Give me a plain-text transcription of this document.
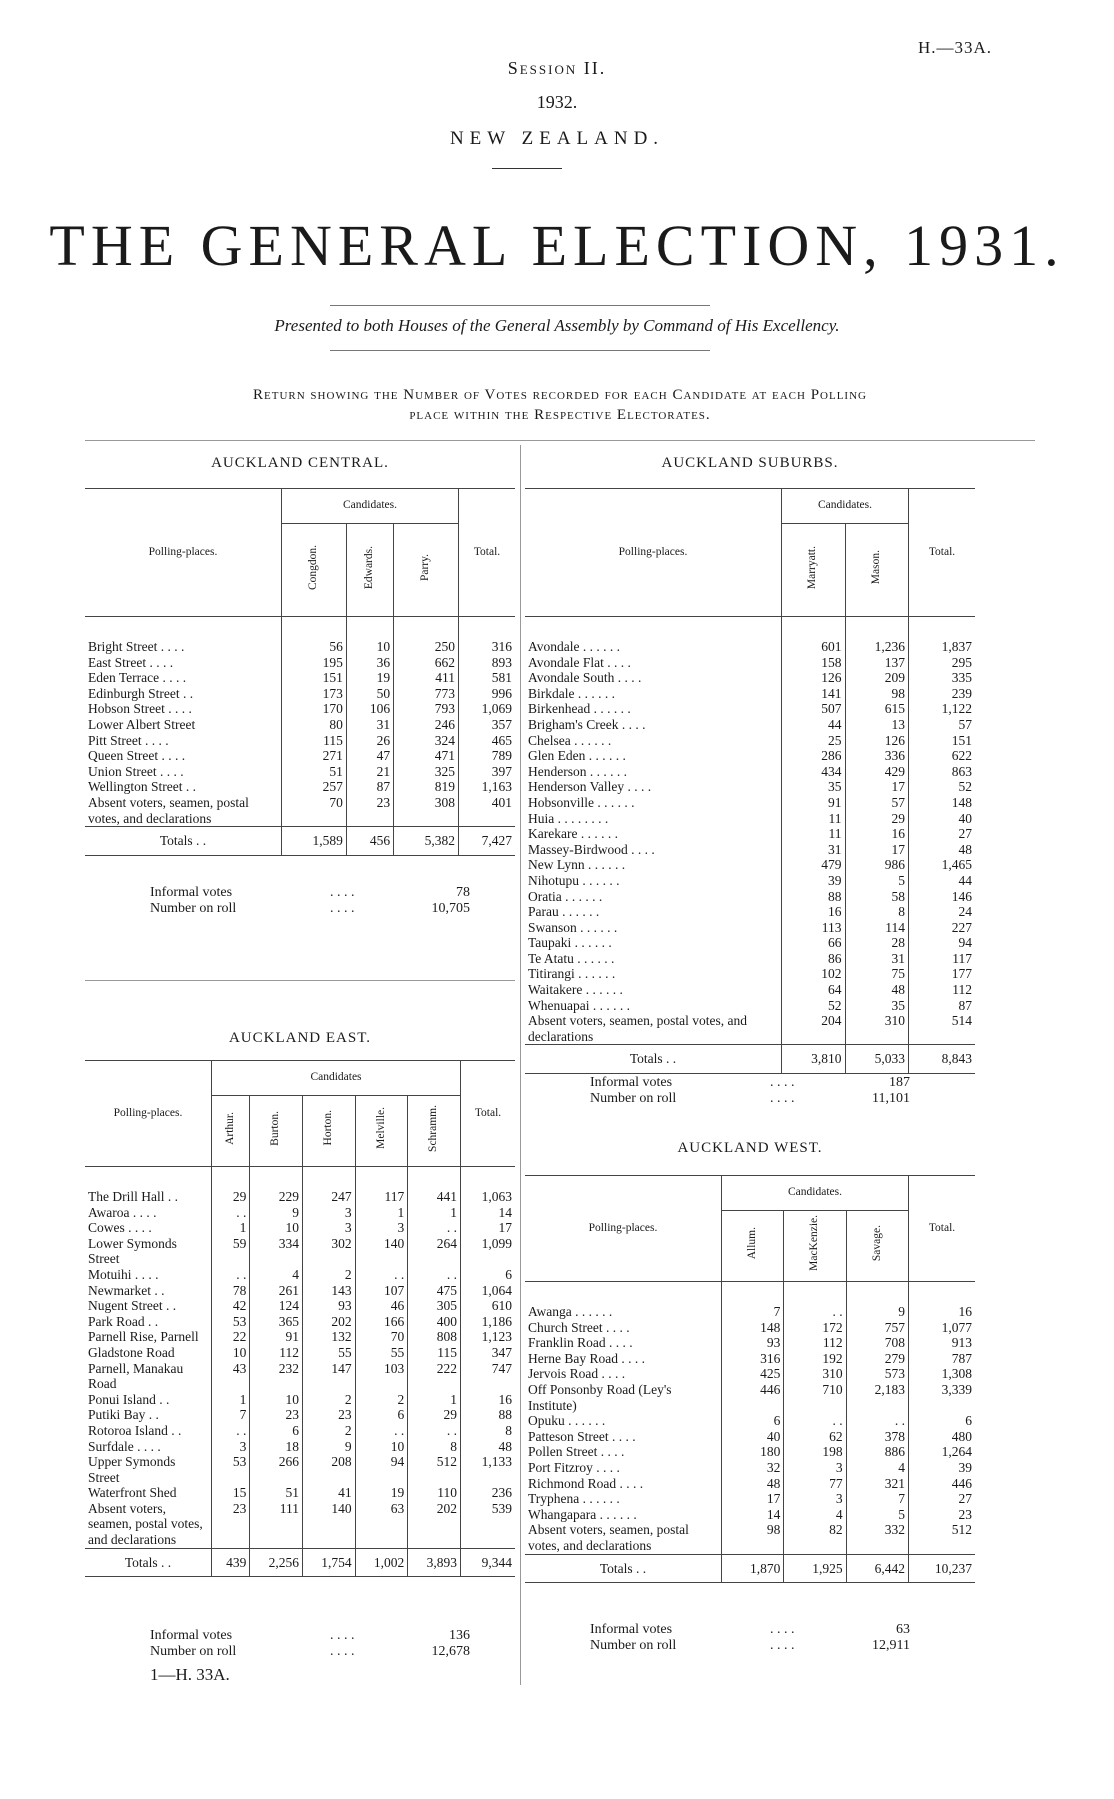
H.—33A.
Session II.
1932.
NEW ZEALAND.
THE GENERAL ELECTION, 1931.
Presented to both Houses of the General Assembly by Command of His Excellency.
Return showing the Number of Votes recorded for each Candidate at each Polling
place within the Respective Electorates.
AUCKLAND CENTRAL.
Polling-places.	Candidates.			Total.
	Congdon.	Edwards.	Parry.	
Bright Street . . . .	56	10	250	316
East Street . . . .	195	36	662	893
Eden Terrace . . . .	151	19	411	581
Edinburgh Street . .	173	50	773	996
Hobson Street . . . .	170	106	793	1,069
Lower Albert Street	80	31	246	357
Pitt Street . . . .	115	26	324	465
Queen Street . . . .	271	47	471	789
Union Street . . . .	51	21	325	397
Wellington Street . .	257	87	819	1,163
Absent voters, seamen, postal votes, and declarations	70	23	308	401
Totals . .	1,589	456	5,382	7,427
Informal votes	. . . .	78
Number on roll	. . . .	10,705
AUCKLAND SUBURBS.
Polling-places.	Candidates.		Total.
	Marryatt.	Mason.	
Avondale . . . . . .	601	1,236	1,837
Avondale Flat . . . .	158	137	295
Avondale South . . . .	126	209	335
Birkdale . . . . . .	141	98	239
Birkenhead . . . . . .	507	615	1,122
Brigham's Creek . . . .	44	13	57
Chelsea . . . . . .	25	126	151
Glen Eden . . . . . .	286	336	622
Henderson . . . . . .	434	429	863
Henderson Valley . . . .	35	17	52
Hobsonville . . . . . .	91	57	148
Huia . . . . . . . .	11	29	40
Karekare . . . . . .	11	16	27
Massey-Birdwood . . . .	31	17	48
New Lynn . . . . . .	479	986	1,465
Nihotupu . . . . . .	39	5	44
Oratia . . . . . .	88	58	146
Parau . . . . . .	16	8	24
Swanson . . . . . .	113	114	227
Taupaki . . . . . .	66	28	94
Te Atatu . . . . . .	86	31	117
Titirangi . . . . . .	102	75	177
Waitakere . . . . . .	64	48	112
Whenuapai . . . . . .	52	35	87
Absent voters, seamen, postal votes, and declarations	204	310	514
Totals . .	3,810	5,033	8,843
Informal votes	. . . .	187
Number on roll	. . . .	11,101
AUCKLAND EAST.
Polling-places.	Candidates					Total.
	Arthur.	Burton.	Horton.	Melville.	Schramm.	
The Drill Hall . .	29	229	247	117	441	1,063
Awaroa . . . .	. .	9	3	1	1	14
Cowes . . . .	1	10	3	3	. .	17
Lower Symonds Street	59	334	302	140	264	1,099
Motuihi . . . .	. .	4	2	. .	. .	6
Newmarket . .	78	261	143	107	475	1,064
Nugent Street . .	42	124	93	46	305	610
Park Road . .	53	365	202	166	400	1,186
Parnell Rise, Parnell	22	91	132	70	808	1,123
Gladstone Road	10	112	55	55	115	347
Parnell, Manakau Road	43	232	147	103	222	747
Ponui Island . .	1	10	2	2	1	16
Putiki Bay . .	7	23	23	6	29	88
Rotoroa Island . .	. .	6	2	. .	. .	8
Surfdale . . . .	3	18	9	10	8	48
Upper Symonds Street	53	266	208	94	512	1,133
Waterfront Shed	15	51	41	19	110	236
Absent voters, seamen, postal votes, and declarations	23	111	140	63	202	539
Totals . .	439	2,256	1,754	1,002	3,893	9,344
Informal votes	. . . .	136
Number on roll	. . . .	12,678
AUCKLAND WEST.
Polling-places.	Candidates.			Total.
	Allum.	MacKenzie.	Savage.	
Awanga . . . . . .	7	. .	9	16
Church Street . . . .	148	172	757	1,077
Franklin Road . . . .	93	112	708	913
Herne Bay Road . . . .	316	192	279	787
Jervois Road . . . .	425	310	573	1,308
Off Ponsonby Road (Ley's Institute)	446	710	2,183	3,339
Opuku . . . . . .	6	. .	. .	6
Patteson Street . . . .	40	62	378	480
Pollen Street . . . .	180	198	886	1,264
Port Fitzroy . . . .	32	3	4	39
Richmond Road . . . .	48	77	321	446
Tryphena . . . . . .	17	3	7	27
Whangapara . . . . . .	14	4	5	23
Absent voters, seamen, postal votes, and declarations	98	82	332	512
Totals . .	1,870	1,925	6,442	10,237
Informal votes	. . . .	63
Number on roll	. . . .	12,911
1—H. 33A.
